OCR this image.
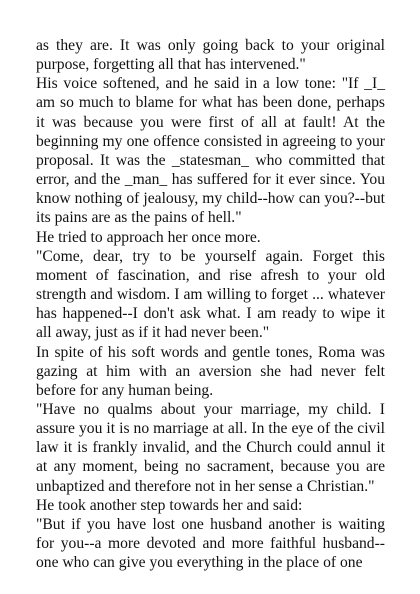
as they are. It was only going back to your original purpose, forgetting all that has intervened."

His voice softened, and he said in a low tone: "If _I_ am so much to blame for what has been done, perhaps it was because you were first of all at fault! At the beginning my one offence consisted in agreeing to your proposal. It was the _statesman_ who committed that error, and the _man_ has suffered for it ever since. You know nothing of jealousy, my child--how can you?--but its pains are as the pains of hell."

He tried to approach her once more.

"Come, dear, try to be yourself again. Forget this moment of fascination, and rise afresh to your old strength and wisdom. I am willing to forget ... whatever has happened--I don't ask what. I am ready to wipe it all away, just as if it had never been."

In spite of his soft words and gentle tones, Roma was gazing at him with an aversion she had never felt before for any human being.

"Have no qualms about your marriage, my child. I assure you it is no marriage at all. In the eye of the civil law it is frankly invalid, and the Church could annul it at any moment, being no sacrament, because you are unbaptized and therefore not in her sense a Christian."

He took another step towards her and said:

"But if you have lost one husband another is waiting for you--a more devoted and more faithful husband--one who can give you everything in the place of one
